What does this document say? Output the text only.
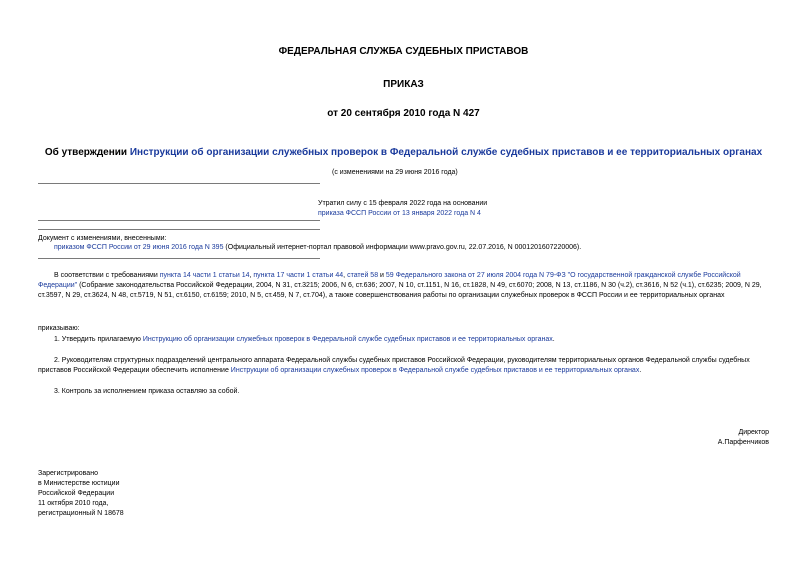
ФЕДЕРАЛЬНАЯ СЛУЖБА СУДЕБНЫХ ПРИСТАВОВ
ПРИКАЗ
от 20 сентября 2010 года N 427
Об утверждении Инструкции об организации служебных проверок в Федеральной службе судебных приставов и ее территориальных органах
(с изменениями на 29 июня 2016 года)
Утратил силу с 15 февраля 2022 года на основании
приказа ФССП России от 13 января 2022 года N 4
Документ с изменениями, внесенными:
приказом ФССП России от 29 июня 2016 года N 395 (Официальный интернет-портал правовой информации www.pravo.gov.ru, 22.07.2016, N 0001201607220006).
В соответствии с требованиями пункта 14 части 1 статьи 14, пункта 17 части 1 статьи 44, статей 58 и 59 Федерального закона от 27 июля 2004 года N 79-ФЗ "О государственной гражданской службе Российской Федерации" (Собрание законодательства Российской Федерации, 2004, N 31, ст.3215; 2006, N 6, ст.636; 2007, N 10, ст.1151, N 16, ст.1828, N 49, ст.6070; 2008, N 13, ст.1186, N 30 (ч.2), ст.3616, N 52 (ч.1), ст.6235; 2009, N 29, ст.3597, N 29, ст.3624, N 48, ст.5719, N 51, ст.6150, ст.6159; 2010, N 5, ст.459, N 7, ст.704), а также совершенствования работы по организации служебных проверок в ФССП России и ее территориальных органах
приказываю:
1. Утвердить прилагаемую Инструкцию об организации служебных проверок в Федеральной службе судебных приставов и ее территориальных органах.
2. Руководителям структурных подразделений центрального аппарата Федеральной службы судебных приставов Российской Федерации, руководителям территориальных органов Федеральной службы судебных приставов Российской Федерации обеспечить исполнение Инструкции об организации служебных проверок в Федеральной службе судебных приставов и ее территориальных органах.
3. Контроль за исполнением приказа оставляю за собой.
Директор
А.Парфенчиков
Зарегистрировано
в Министерстве юстиции
Российской Федерации
11 октября 2010 года,
регистрационный N 18678
